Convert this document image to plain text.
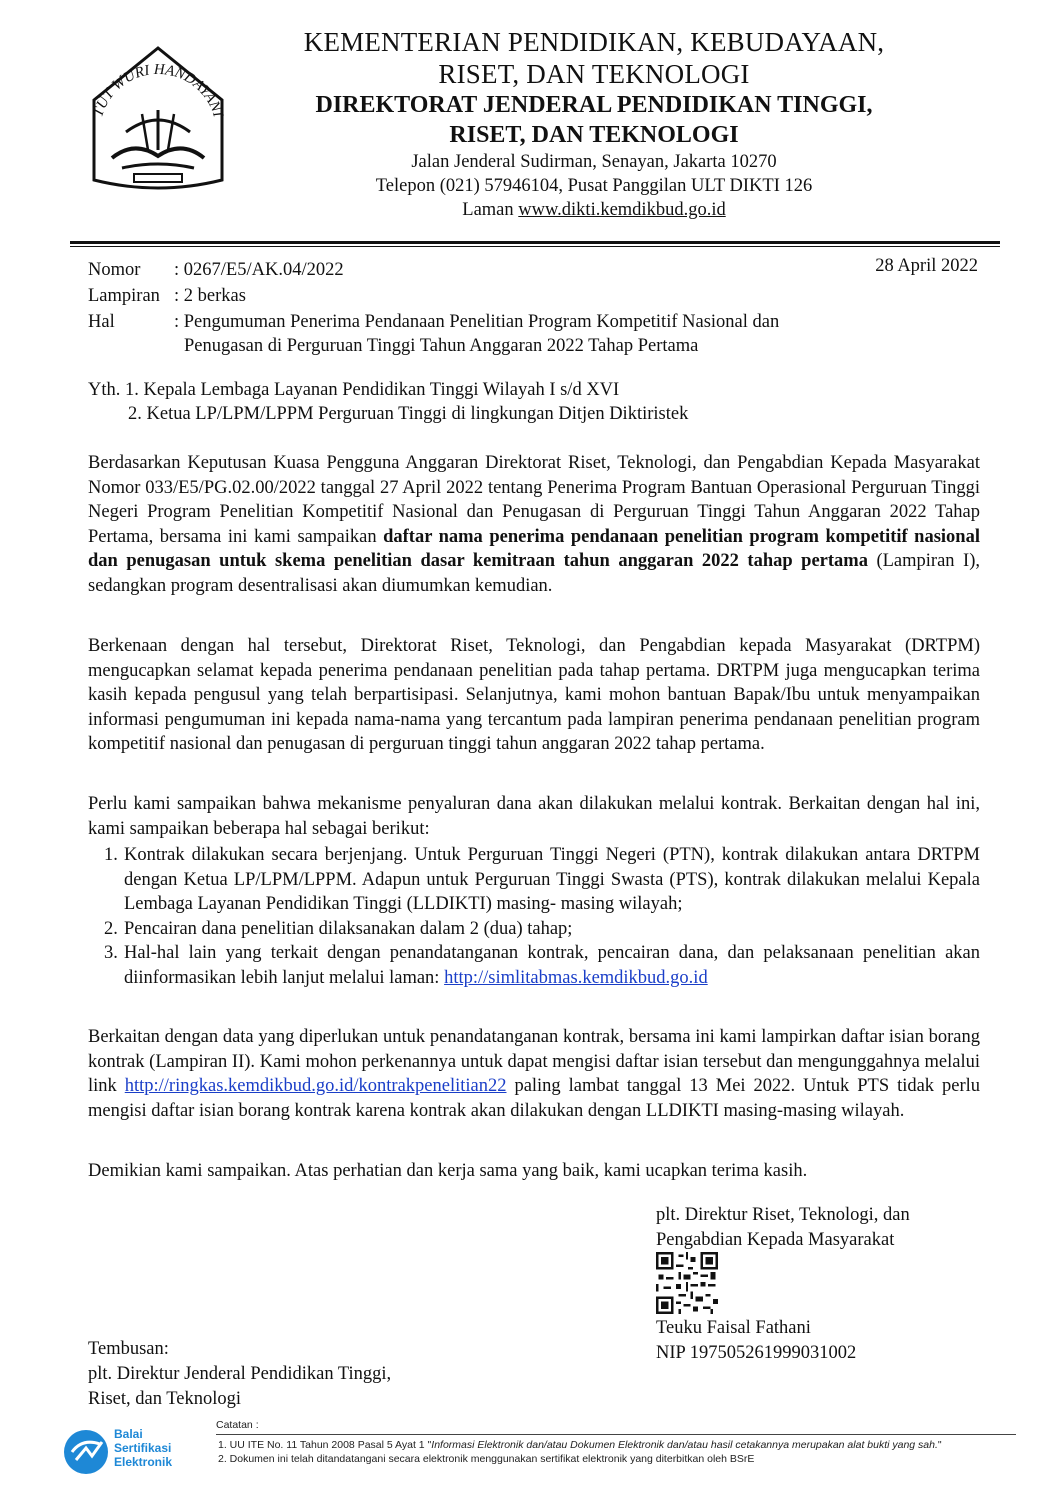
TUT WURI HANDAYANI
KEMENTERIAN PENDIDIKAN, KEBUDAYAAN,
RISET, DAN TEKNOLOGI
DIREKTORAT JENDERAL PENDIDIKAN TINGGI,
RISET, DAN TEKNOLOGI
Jalan Jenderal Sudirman, Senayan, Jakarta 10270
Telepon (021) 57946104, Pusat Panggilan ULT DIKTI 126
Laman www.dikti.kemdikbud.go.id
Nomor : 0267/E5/AK.04/2022
Lampiran : 2 berkas
Hal	: Pengumuman Penerima Pendanaan Penelitian Program Kompetitif Nasional dan
Penugasan di Perguruan Tinggi Tahun Anggaran 2022 Tahap Pertama
28 April 2022
Yth. 1. Kepala Lembaga Layanan Pendidikan Tinggi Wilayah I s/d XVI
2. Ketua LP/LPM/LPPM Perguruan Tinggi di lingkungan Ditjen Diktiristek

Berdasarkan Keputusan Kuasa Pengguna Anggaran Direktorat Riset, Teknologi, dan Pengabdian Kepada Masyarakat Nomor 033/E5/PG.02.00/2022 tanggal 27 April 2022 tentang Penerima Program Bantuan Operasional Perguruan Tinggi Negeri Program Penelitian Kompetitif Nasional dan Penugasan di Perguruan Tinggi Tahun Anggaran 2022 Tahap Pertama, bersama ini kami sampaikan daftar nama penerima pendanaan penelitian program kompetitif nasional dan penugasan untuk skema penelitian dasar kemitraan tahun anggaran 2022 tahap pertama (Lampiran I), sedangkan program desentralisasi akan diumumkan kemudian.

Berkenaan dengan hal tersebut, Direktorat Riset, Teknologi, dan Pengabdian kepada Masyarakat (DRTPM) mengucapkan selamat kepada penerima pendanaan penelitian pada tahap pertama. DRTPM juga mengucapkan terima kasih kepada pengusul yang telah berpartisipasi. Selanjutnya, kami mohon bantuan Bapak/Ibu untuk menyampaikan informasi pengumuman ini kepada nama-nama yang tercantum pada lampiran penerima pendanaan penelitian program kompetitif nasional dan penugasan di perguruan tinggi tahun anggaran 2022 tahap pertama.

Perlu kami sampaikan bahwa mekanisme penyaluran dana akan dilakukan melalui kontrak. Berkaitan dengan hal ini, kami sampaikan beberapa hal sebagai berikut:

1. Kontrak dilakukan secara berjenjang. Untuk Perguruan Tinggi Negeri (PTN), kontrak dilakukan antara DRTPM dengan Ketua LP/LPM/LPPM. Adapun untuk Perguruan Tinggi Swasta (PTS), kontrak dilakukan melalui Kepala Lembaga Layanan Pendidikan Tinggi (LLDIKTI) masing- masing wilayah;
2. Pencairan dana penelitian dilaksanakan dalam 2 (dua) tahap;
3. Hal-hal lain yang terkait dengan penandatanganan kontrak, pencairan dana, dan pelaksanaan penelitian akan diinformasikan lebih lanjut melalui laman: http://simlitabmas.kemdikbud.go.id

Berkaitan dengan data yang diperlukan untuk penandatanganan kontrak, bersama ini kami lampirkan daftar isian borang kontrak (Lampiran II). Kami mohon perkenannya untuk dapat mengisi daftar isian tersebut dan mengunggahnya melalui link http://ringkas.kemdikbud.go.id/kontrakpenelitian22 paling lambat tanggal 13 Mei 2022. Untuk PTS tidak perlu mengisi daftar isian borang kontrak karena kontrak akan dilakukan dengan LLDIKTI masing-masing wilayah.

Demikian kami sampaikan. Atas perhatian dan kerja sama yang baik, kami ucapkan terima kasih.

plt. Direktur Riset, Teknologi, dan
Pengabdian Kepada Masyarakat
Teuku Faisal Fathani
NIP 197505261999031002
Tembusan:
plt. Direktur Jenderal Pendidikan Tinggi,
Riset, dan Teknologi
Balai
Sertifikasi
Elektronik
Catatan :
1. UU ITE No. 11 Tahun 2008 Pasal 5 Ayat 1 "Informasi Elektronik dan/atau Dokumen Elektronik dan/atau hasil cetakannya merupakan alat bukti yang sah."
2. Dokumen ini telah ditandatangani secara elektronik menggunakan sertifikat elektronik yang diterbitkan oleh BSrE
